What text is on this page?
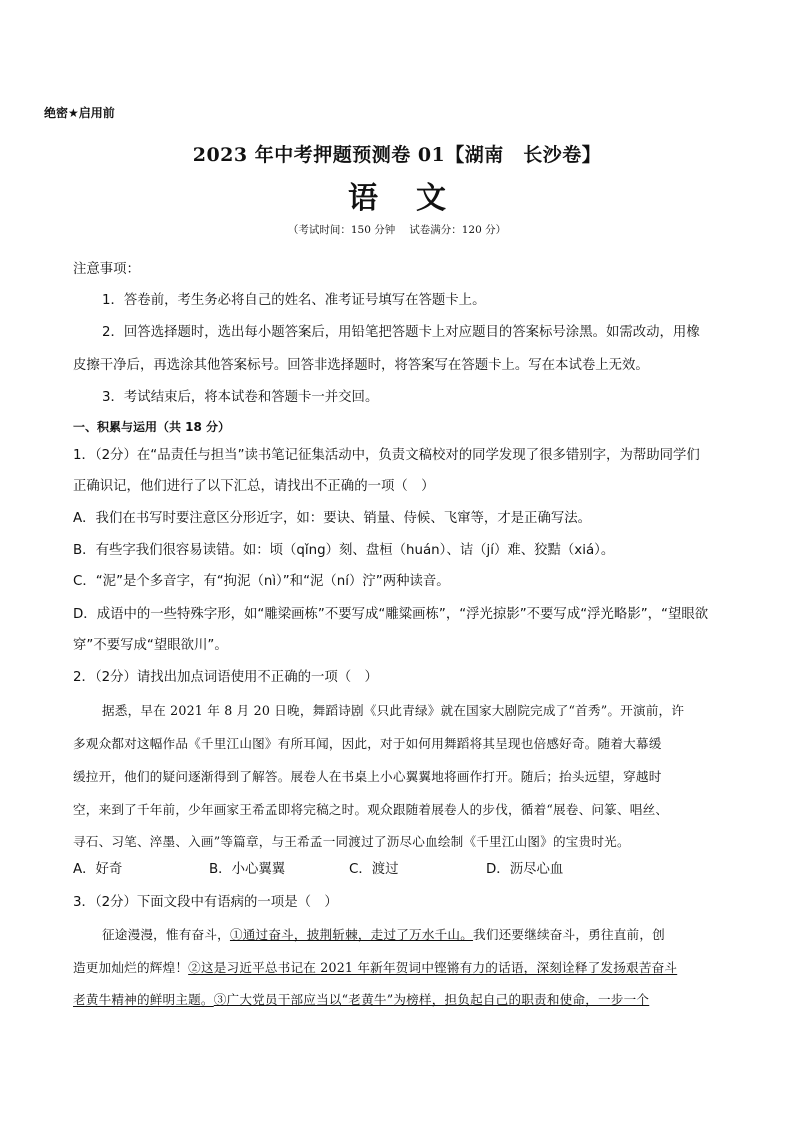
绝密★启用前
2023 年中考押题预测卷 01【湖南　长沙卷】
语 文
（考试时间：150 分钟 试卷满分：120 分）
注意事项：
1．答卷前，考生务必将自己的姓名、准考证号填写在答题卡上。
2．回答选择题时，选出每小题答案后，用铅笔把答题卡上对应题目的答案标号涂黑。如需改动，用橡
皮擦干净后，再选涂其他答案标号。回答非选择题时，将答案写在答题卡上。写在本试卷上无效。
3．考试结束后，将本试卷和答题卡一并交回。
一、积累与运用（共 18 分）
1．（2分）在“品责任与担当”读书笔记征集活动中，负责文稿校对的同学发现了很多错别字，为帮助同学们
正确识记，他们进行了以下汇总，请找出不正确的一项（　）
A．我们在书写时要注意区分形近字，如：要诀、销量、侍候、飞窜等，才是正确写法。
B．有些字我们很容易读错。如：顷（qǐng）刻、盘桓（huán）、诘（jí）难、狡黠（xiá）。
C．“泥”是个多音字，有“拘泥（nì）”和“泥（ní）泞”两种读音。
D．成语中的一些特殊字形，如“雕梁画栋”不要写成“雕粱画栋”，“浮光掠影”不要写成“浮光略影”，“望眼欲
穿”不要写成“望眼欲川”。
2．（2分）请找出加点词语使用不正确的一项（　）
据悉，早在 2021 年 8 月 20 日晚，舞蹈诗剧《只此青绿》就在国家大剧院完成了“首秀”。开演前，许
多观众都对这幅作品《千里江山图》有所耳闻，因此，对于如何用舞蹈将其呈现也倍感好奇。随着大幕缓
缓拉开，他们的疑问逐渐得到了解答。展卷人在书桌上小心翼翼地将画作打开。随后；抬头远望，穿越时
空，来到了千年前，少年画家王希孟即将完稿之时。观众跟随着展卷人的步伐，循着“展卷、问篆、唱丝、
寻石、习笔、淬墨、入画”等篇章，与王希孟一同渡过了沥尽心血绘制《千里江山图》的宝贵时光。
A．好奇	B．小心翼翼	C．渡过	D．沥尽心血
3．（2分）下面文段中有语病的一项是（　）
征途漫漫，惟有奋斗，①通过奋斗，披荆斩棘，走过了万水千山。我们还要继续奋斗，勇往直前，创
造更加灿烂的辉煌！②这是习近平总书记在 2021 年新年贺词中铿锵有力的话语，深刻诠释了发扬艰苦奋斗
老黄牛精神的鲜明主题。③广大党员干部应当以“老黄牛”为榜样，担负起自己的职责和使命，一步一个
